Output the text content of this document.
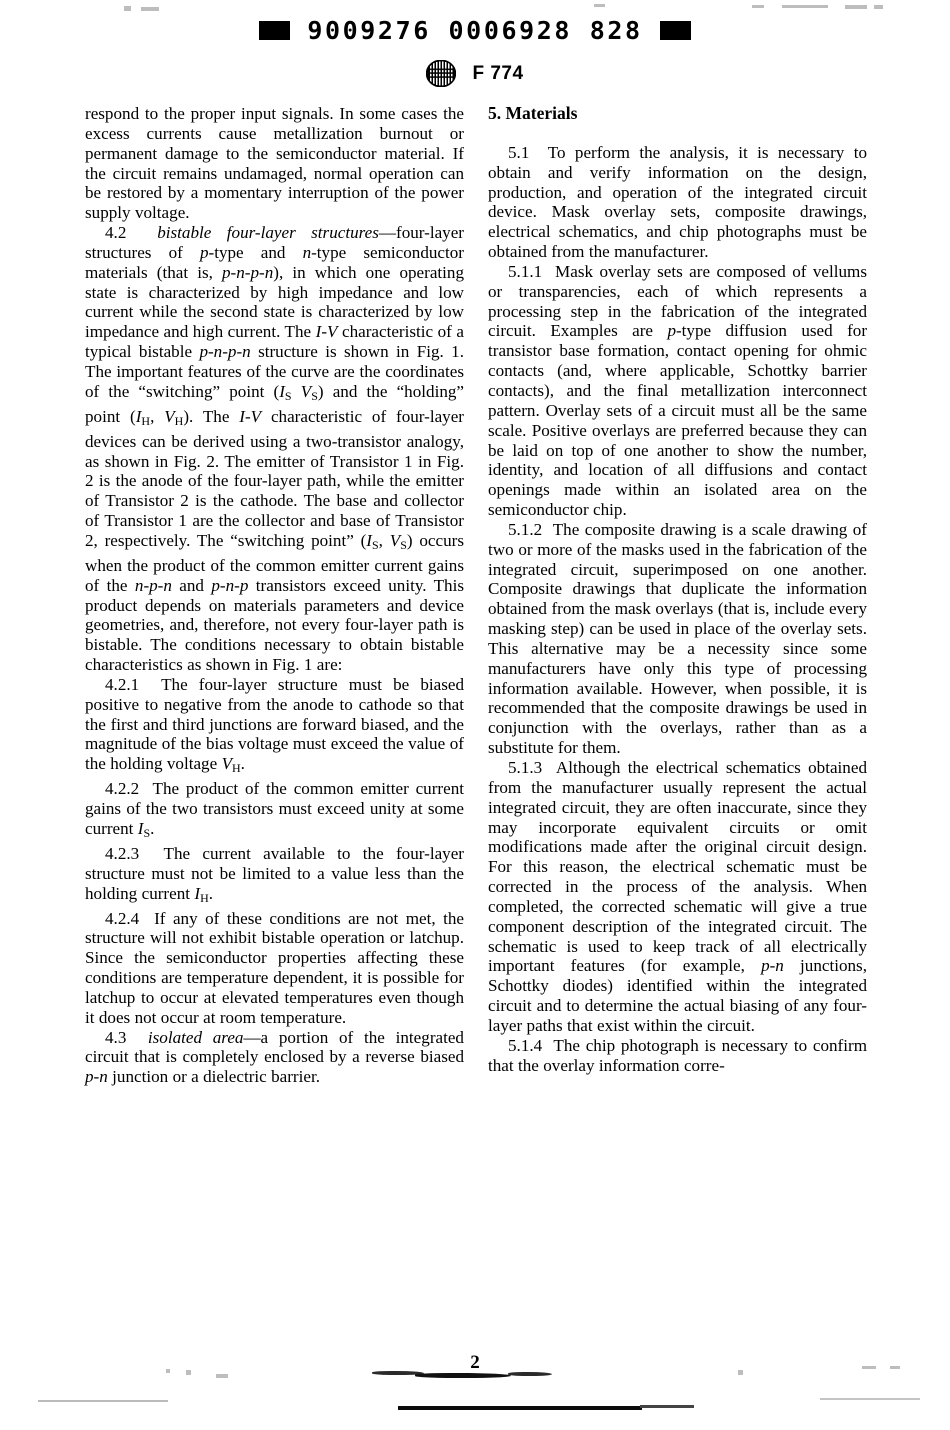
9009276 0006928 828
F 774

respond to the proper input signals. In some cases the excess currents cause metallization burnout or permanent damage to the semiconductor material. If the circuit remains undamaged, normal operation can be restored by a momentary interruption of the power supply voltage.

4.2  bistable four-layer structures—four-layer structures of p-type and n-type semiconductor materials (that is, p-n-p-n), in which one operating state is characterized by high impedance and low current while the second state is characterized by low impedance and high current. The I-V characteristic of a typical bistable p-n-p-n structure is shown in Fig. 1. The important features of the curve are the coordinates of the “switching” point ($I_S$ $V_S$) and the “holding” point ($I_H$, $V_H$). The I-V characteristic of four-layer devices can be derived using a two-transistor analogy, as shown in Fig. 2. The emitter of Transistor 1 in Fig. 2 is the anode of the four-layer path, while the emitter of Transistor 2 is the cathode. The base and collector of Transistor 1 are the collector and base of Transistor 2, respectively. The “switching point” ($I_S$, $V_S$) occurs when the product of the common emitter current gains of the n-p-n and p-n-p transistors exceed unity. This product depends on materials parameters and device geometries, and, therefore, not every four-layer path is bistable. The conditions necessary to obtain bistable characteristics as shown in Fig. 1 are:

4.2.1  The four-layer structure must be biased positive to negative from the anode to cathode so that the first and third junctions are forward biased, and the magnitude of the bias voltage must exceed the value of the holding voltage $V_H$.

4.2.2  The product of the common emitter current gains of the two transistors must exceed unity at some current $I_S$.

4.2.3  The current available to the four-layer structure must not be limited to a value less than the holding current $I_H$.

4.2.4  If any of these conditions are not met, the structure will not exhibit bistable operation or latchup. Since the semiconductor properties affecting these conditions are temperature dependent, it is possible for latchup to occur at elevated temperatures even though it does not occur at room temperature.

4.3  isolated area—a portion of the integrated circuit that is completely enclosed by a reverse biased p-n junction or a dielectric barrier.

5. Materials

5.1  To perform the analysis, it is necessary to obtain and verify information on the design, production, and operation of the integrated circuit device. Mask overlay sets, composite drawings, electrical schematics, and chip photographs must be obtained from the manufacturer.

5.1.1  Mask overlay sets are composed of vellums or transparencies, each of which represents a processing step in the fabrication of the integrated circuit. Examples are p-type diffusion used for transistor base formation, contact opening for ohmic contacts (and, where applicable, Schottky barrier contacts), and the final metallization interconnect pattern. Overlay sets of a circuit must all be the same scale. Positive overlays are preferred because they can be laid on top of one another to show the number, identity, and location of all diffusions and contact openings made within an isolated area on the semiconductor chip.

5.1.2  The composite drawing is a scale drawing of two or more of the masks used in the fabrication of the integrated circuit, superimposed on one another. Composite drawings that duplicate the information obtained from the mask overlays (that is, include every masking step) can be used in place of the overlay sets. This alternative may be a necessity since some manufacturers have only this type of processing information available. However, when possible, it is recommended that the composite drawings be used in conjunction with the overlays, rather than as a substitute for them.

5.1.3  Although the electrical schematics obtained from the manufacturer usually represent the actual integrated circuit, they are often inaccurate, since they may incorporate equivalent circuits or omit modifications made after the original circuit design. For this reason, the electrical schematic must be corrected in the process of the analysis. When completed, the corrected schematic will give a true component description of the integrated circuit. The schematic is used to keep track of all electrically important features (for example, p-n junctions, Schottky diodes) identified within the integrated circuit and to determine the actual biasing of any four-layer paths that exist within the circuit.

5.1.4  The chip photograph is necessary to confirm that the overlay information corre-

2
